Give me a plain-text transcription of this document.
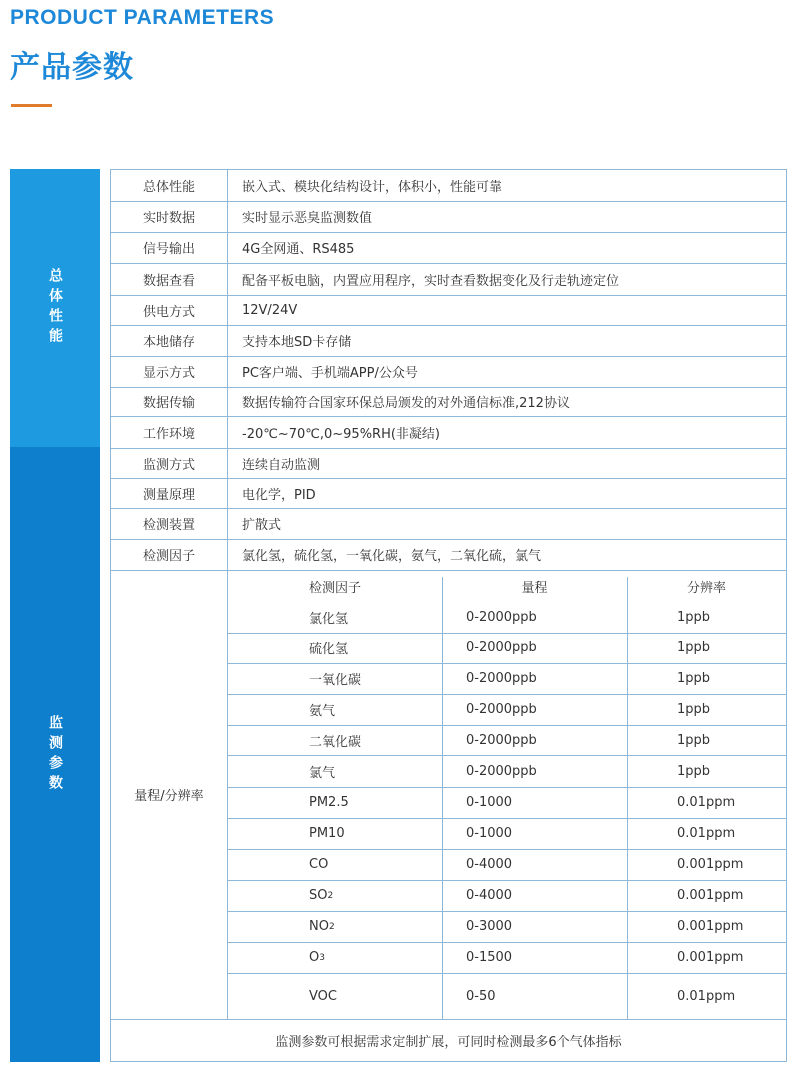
PRODUCT PARAMETERS
产品参数
总体性能
监测参数
总体性能	嵌入式、模块化结构设计，体积小，性能可靠
实时数据	实时显示恶臭监测数值
信号输出	4G全网通、RS485
数据查看	配备平板电脑，内置应用程序，实时查看数据变化及行走轨迹定位
供电方式	12V/24V
本地储存	支持本地SD卡存储
显示方式	PC客户端、手机端APP/公众号
数据传输	数据传输符合国家环保总局颁发的对外通信标准,212协议
工作环境	-20℃~70℃,0~95%RH(非凝结)
监测方式	连续自动监测
测量原理	电化学，PID
检测装置	扩散式
检测因子	氯化氢，硫化氢，一氧化碳，氨气，二氧化硫，氯气
量程/分辨率
检测因子	量程	分辨率
氯化氢	0-2000ppb	1ppb
硫化氢	0-2000ppb	1ppb
一氧化碳	0-2000ppb	1ppb
氨气	0-2000ppb	1ppb
二氧化碳	0-2000ppb	1ppb
氯气	0-2000ppb	1ppb
PM2.5	0-1000	0.01ppm
PM10	0-1000	0.01ppm
CO	0-4000	0.001ppm
SO 2	0-4000	0.001ppm
NO 2	0-3000	0.001ppm
O 3	0-1500	0.001ppm
VOC	0-50	0.01ppm
监测参数可根据需求定制扩展，可同时检测最多6个气体指标
